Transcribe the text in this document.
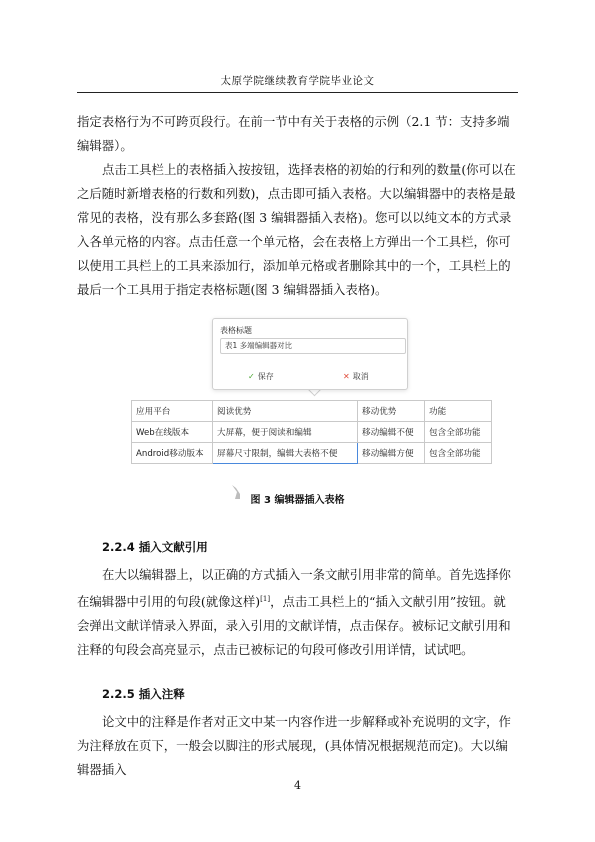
太原学院继续教育学院毕业论文

指定表格行为不可跨页段行。在前一节中有关于表格的示例（2.1 节：支持多端编辑器）。

点击工具栏上的表格插入按按钮，选择表格的初始的行和列的数量(你可以在之后随时新增表格的行数和列数)，点击即可插入表格。大以编辑器中的表格是最常见的表格，没有那么多套路(图 3 编辑器插入表格)。您可以以纯文本的方式录入各单元格的内容。点击任意一个单元格，会在表格上方弹出一个工具栏，你可以使用工具栏上的工具来添加行，添加单元格或者删除其中的一个，工具栏上的最后一个工具用于指定表格标题(图 3 编辑器插入表格)。

表格标题
表1 多端编辑器对比
✓ 保存	✕ 取消
应用平台	阅读优势	移动优势	功能
Web在线版本	大屏幕，便于阅读和编辑	移动编辑不便	包含全部功能
Android移动版本	屏幕尺寸限制，编辑大表格不便	移动编辑方便	包含全部功能
图 3 编辑器插入表格
2.2.4 插入文献引用

在大以编辑器上，以正确的方式插入一条文献引用非常的简单。首先选择你在编辑器中引用的句段(就像这样)[1]，点击工具栏上的“插入文献引用”按钮。就会弹出文献详情录入界面，录入引用的文献详情，点击保存。被标记文献引用和注释的句段会高亮显示，点击已被标记的句段可修改引用详情，试试吧。

2.2.5 插入注释

论文中的注释是作者对正文中某一内容作进一步解释或补充说明的文字，作为注释放在页下，一般会以脚注的形式展现，(具体情况根据规范而定)。大以编辑器插入

4
